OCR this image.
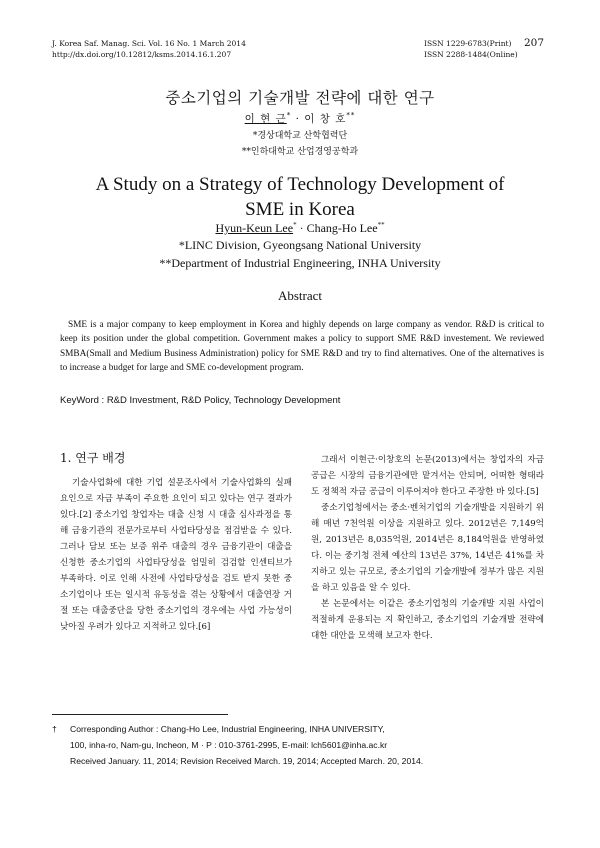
J. Korea Saf. Manag. Sci. Vol. 16 No. 1 March 2014
http://dx.doi.org/10.12812/ksms.2014.16.1.207
ISSN 1229-6783(Print)
ISSN 2288-1484(Online)
207
중소기업의 기술개발 전략에 대한 연구
이 현 근* · 이 창 호**
*경상대학교 산학협력단
**인하대학교 산업경영공학과
A Study on a Strategy of Technology Development of
SME in Korea
Hyun-Keun Lee* · Chang-Ho Lee**
*LINC Division, Gyeongsang National University
**Department of Industrial Engineering, INHA University
Abstract

SME is a major company to keep employment in Korea and highly depends on large company as vendor. R&D is critical to keep its position under the global competition. Government makes a policy to support SME R&D investement. We reviewed SMBA(Small and Medium Business Administration) policy for SME R&D and try to find alternatives. One of the alternatives is to increase a budget for large and SME co-development program.

KeyWord : R&D Investment, R&D Policy, Technology Development
1. 연구 배경

기술사업화에 대한 기업 설문조사에서 기술사업화의 실패요인으로 자금 부족이 주요한 요인이 되고 있다는 연구 결과가 있다.[2] 중소기업 창업자는 대출 신청 시 대출 심사과정을 통해 금융기관의 전문가로부터 사업타당성을 점검받을 수 있다. 그러나 담보 또는 보증 위주 대출의 경우 금융기관이 대출을 신청한 중소기업의 사업타당성을 엄밀히 검검할 인센티브가 부족하다. 이로 인해 사전에 사업타당성을 검토 받지 못한 중소기업이나 또는 일시적 유동성을 겪는 상황에서 대출연장 거절 또는 대출중단을 당한 중소기업의 경우에는 사업 가능성이 낮아질 우려가 있다고 지적하고 있다.[6]

그래서 이현근·이창호의 논문(2013)에서는 창업자의 자금 공급은 시장의 금융기관에만 맡겨서는 안되며, 어떠한 형태라도 정책적 자금 공급이 이루어져야 한다고 주장한 바 있다.[5]

중소기업청에서는 중소·벤처기업의 기술개발을 지원하기 위해 매년 7천억원 이상을 지원하고 있다. 2012년은 7,149억원, 2013년은 8,035억원, 2014년은 8,184억원을 반영하였다. 이는 중기청 전체 예산의 13년은 37%, 14년은 41%를 차지하고 있는 규모로, 중소기업의 기술개발에 정부가 많은 지원을 하고 있음을 알 수 있다.

본 논문에서는 이같은 중소기업청의 기술개발 지원 사업이 적절하게 운용되는 지 확인하고, 중소기업의 기술개발 전략에 대한 대안을 모색해 보고자 한다.

† Corresponding Author : Chang-Ho Lee, Industrial Engineering, INHA UNIVERSITY,
100, inha-ro, Nam-gu, Incheon, M · P : 010-3761-2995, E-mail: lch5601@inha.ac.kr
Received January. 11, 2014; Revision Received March. 19, 2014; Accepted March. 20, 2014.
